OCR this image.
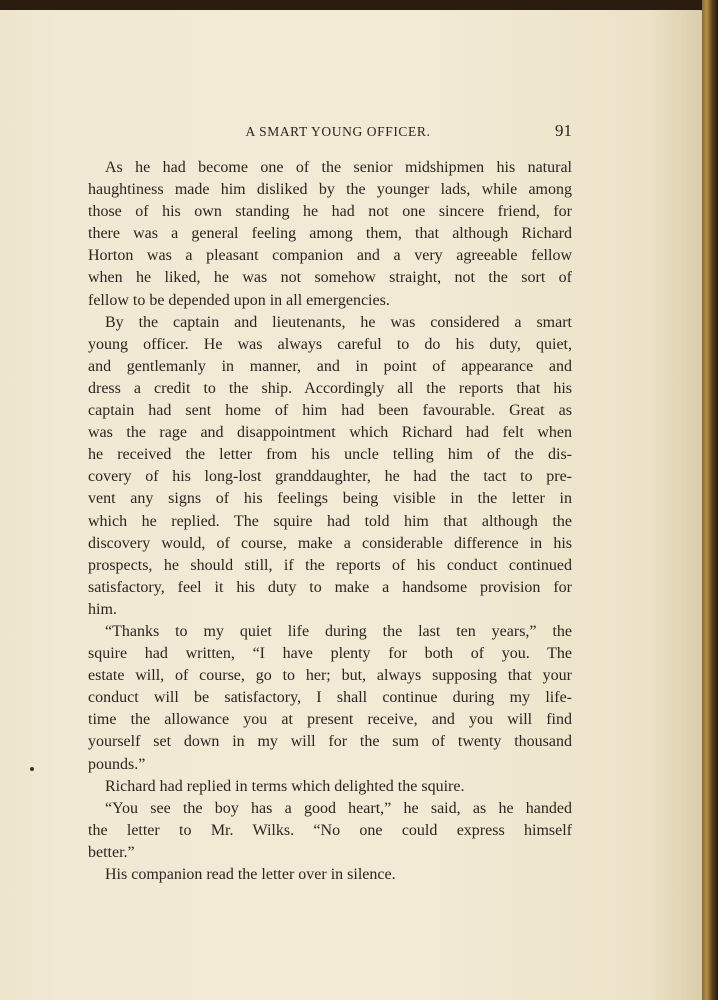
A SMART YOUNG OFFICER.	91
As he had become one of the senior midshipmen his natural
haughtiness made him disliked by the younger lads, while among
those of his own standing he had not one sincere friend, for
there was a general feeling among them, that although Richard
Horton was a pleasant companion and a very agreeable fellow
when he liked, he was not somehow straight, not the sort of
fellow to be depended upon in all emergencies.
By the captain and lieutenants, he was considered a smart
young officer. He was always careful to do his duty, quiet,
and gentlemanly in manner, and in point of appearance and
dress a credit to the ship. Accordingly all the reports that his
captain had sent home of him had been favourable. Great as
was the rage and disappointment which Richard had felt when
he received the letter from his uncle telling him of the dis-
covery of his long-lost granddaughter, he had the tact to pre-
vent any signs of his feelings being visible in the letter in
which he replied. The squire had told him that although the
discovery would, of course, make a considerable difference in his
prospects, he should still, if the reports of his conduct continued
satisfactory, feel it his duty to make a handsome provision for
him.
“Thanks to my quiet life during the last ten years,” the
squire had written, “I have plenty for both of you. The
estate will, of course, go to her; but, always supposing that your
conduct will be satisfactory, I shall continue during my life-
time the allowance you at present receive, and you will find
yourself set down in my will for the sum of twenty thousand
pounds.”
Richard had replied in terms which delighted the squire.
“You see the boy has a good heart,” he said, as he handed
the letter to Mr. Wilks. “No one could express himself
better.”
His companion read the letter over in silence.
